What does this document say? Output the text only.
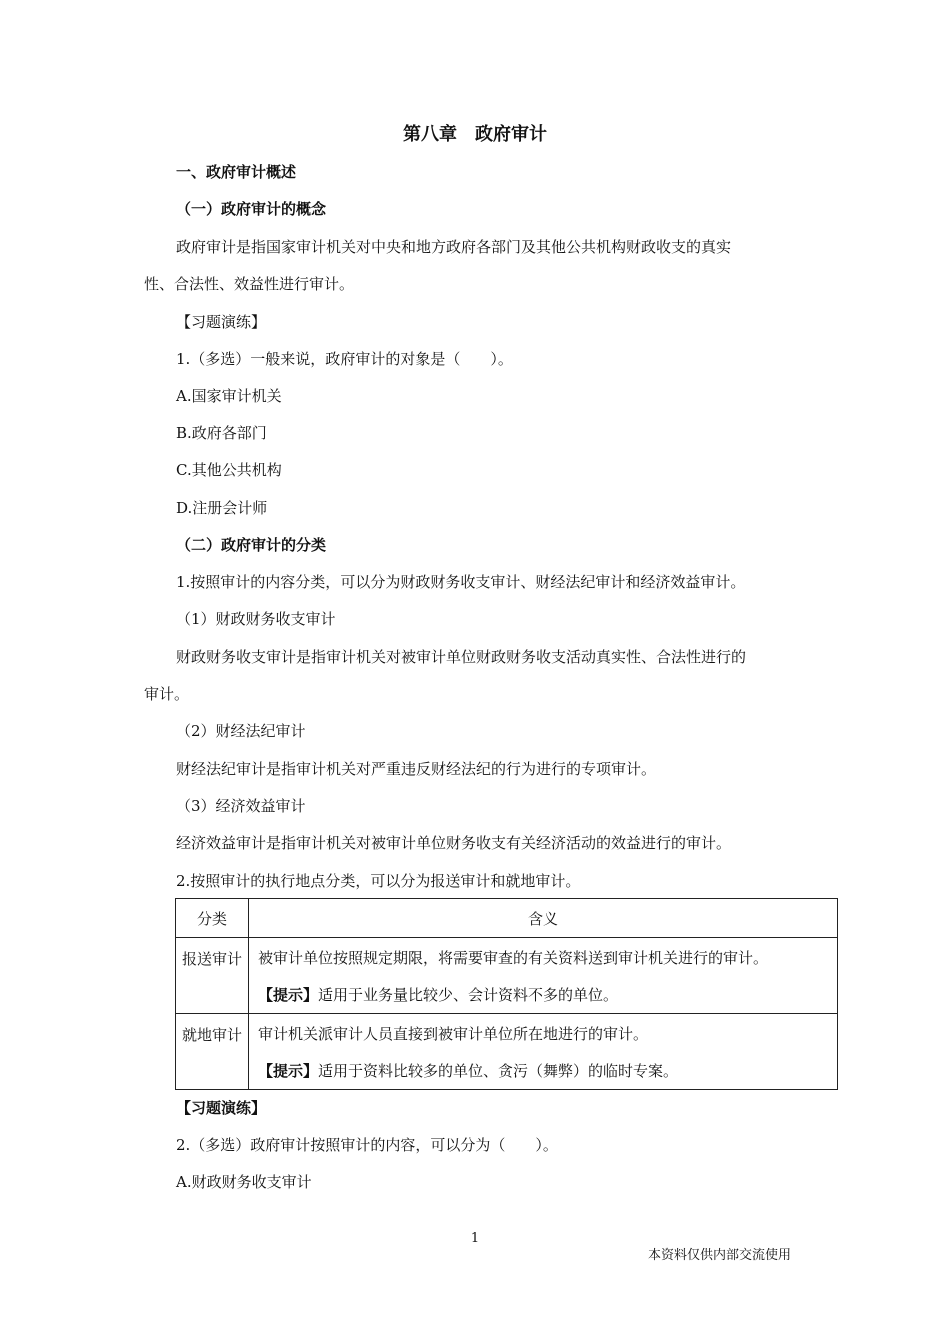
第八章　政府审计
一、政府审计概述
（一）政府审计的概念
政府审计是指国家审计机关对中央和地方政府各部门及其他公共机构财政收支的真实
性、合法性、效益性进行审计。
【习题演练】
1.（多选）一般来说，政府审计的对象是（　　）。
A.国家审计机关
B.政府各部门
C.其他公共机构
D.注册会计师
（二）政府审计的分类
1.按照审计的内容分类，可以分为财政财务收支审计、财经法纪审计和经济效益审计。
（1）财政财务收支审计
财政财务收支审计是指审计机关对被审计单位财政财务收支活动真实性、合法性进行的
审计。
（2）财经法纪审计
财经法纪审计是指审计机关对严重违反财经法纪的行为进行的专项审计。
（3）经济效益审计
经济效益审计是指审计机关对被审计单位财务收支有关经济活动的效益进行的审计。
2.按照审计的执行地点分类，可以分为报送审计和就地审计。
分类	含义
报送审计	被审计单位按照规定期限，将需要审查的有关资料送到审计机关进行的审计。
【提示】适用于业务量比较少、会计资料不多的单位。

就地审计	审计机关派审计人员直接到被审计单位所在地进行的审计。
【提示】适用于资料比较多的单位、贪污（舞弊）的临时专案。
【习题演练】
2.（多选）政府审计按照审计的内容，可以分为（　　）。
A.财政财务收支审计
1
本资料仅供内部交流使用
